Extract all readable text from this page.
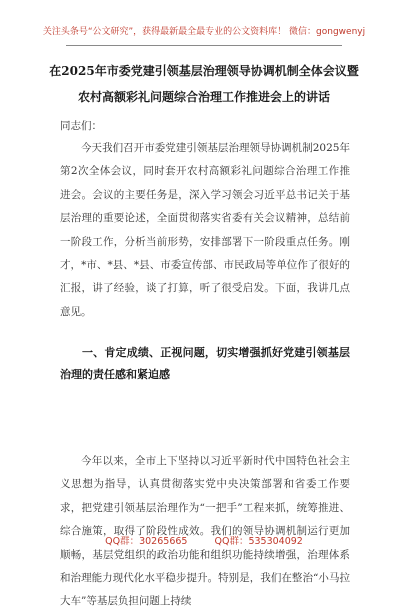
关注头条号“公文研究”，获得最新最全最专业的公文资料库！ 微信：gongwenyj
在2025年市委党建引领基层治理领导协调机制全体会议暨
农村高额彩礼问题综合治理工作推进会上的讲话
同志们：

今天我们召开市委党建引领基层治理领导协调机制2025年第2次全体会议，同时套开农村高额彩礼问题综合治理工作推进会。会议的主要任务是，深入学习领会习近平总书记关于基层治理的重要论述，全面贯彻落实省委有关会议精神，总结前一阶段工作，分析当前形势，安排部署下一阶段重点任务。刚才，*市、*县、*县、市委宣传部、市民政局等单位作了很好的汇报，讲了经验，谈了打算，听了很受启发。下面，我讲几点意见。

一、肯定成绩、正视问题，切实增强抓好党建引领基层治理的责任感和紧迫感

今年以来，全市上下坚持以习近平新时代中国特色社会主义思想为指导，认真贯彻落实党中央决策部署和省委工作要求，把党建引领基层治理作为“一把手”工程来抓，统筹推进、综合施策，取得了阶段性成效。我们的领导协调机制运行更加顺畅，基层党组织的政治功能和组织功能持续增强，治理体系和治理能力现代化水平稳步提升。特别是，我们在整治“小马拉大车”等基层负担问题上持续

QQ群：30265665	QQ群：535304092
